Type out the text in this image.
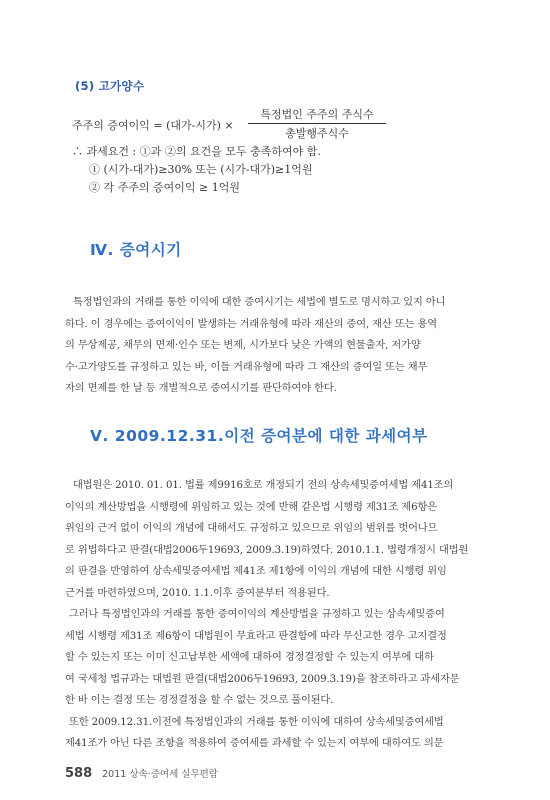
(5) 고가양수
주주의 증여이익 = (대가-시가) ×
특정법인 주주의 주식수
총발행주식수
∴ 과세요건 : ①과 ②의 요건을 모두 충족하여야 함.
① (시가-대가)≥30% 또는 (시가-대가)≥1억원
② 각 주주의 증여이익 ≥ 1억원
Ⅳ. 증여시기
특정법인과의 거래를 통한 이익에 대한 증여시기는 세법에 별도로 명시하고 있지 아니
하다. 이 경우에는 증여이익이 발생하는 거래유형에 따라 재산의 증여, 재산 또는 용역
의 무상제공, 채무의 면제·인수 또는 변제, 시가보다 낮은 가액의 현물출자, 저가양
수·고가양도를 규정하고 있는 바, 이들 거래유형에 따라 그 재산의 증여일 또는 채무
자의 면제를 한 날 등 개별적으로 증여시기를 판단하여야 한다.
Ⅴ. 2009.12.31.이전 증여분에 대한 과세여부
대법원은 2010. 01. 01. 법률 제9916호로 개정되기 전의 상속세및증여세법 제41조의
이익의 계산방법을 시행령에 위임하고 있는 것에 반해 같은법 시행령 제31조 제6항은
위임의 근거 없이 이익의 개념에 대해서도 규정하고 있으므로 위임의 범위를 벗어나므
로 위법하다고 판결(대법2006두19693, 2009.3.19)하였다. 2010.1.1. 법령개정시 대법원
의 판결을 반영하여 상속세및증여세법 제41조 제1항에 이익의 개념에 대한 시행령 위임
근거를 마련하였으며, 2010. 1.1.이후 증여분부터 적용된다.
그러나 특정법인과의 거래를 통한 증여이익의 계산방법을 규정하고 있는 상속세및증여
세법 시행령 제31조 제6항이 대법원이 무효라고 판결함에 따라 무신고한 경우 고지결정
할 수 있는지 또는 이미 신고납부한 세액에 대하여 경정결정할 수 있는지 여부에 대하
여 국세청 법규과는 대법원 판결(대법2006두19693, 2009.3.19)을 참조하라고 과세자문
한 바 이는 결정 또는 경정결정을 할 수 없는 것으로 풀이된다.
또한 2009.12.31.이전에 특정법인과의 거래를 통한 이익에 대하여 상속세및증여세법
제41조가 아닌 다른 조항을 적용하여 증여세를 과세할 수 있는지 여부에 대하여도 의문
588 2011 상속·증여세 실무편람
